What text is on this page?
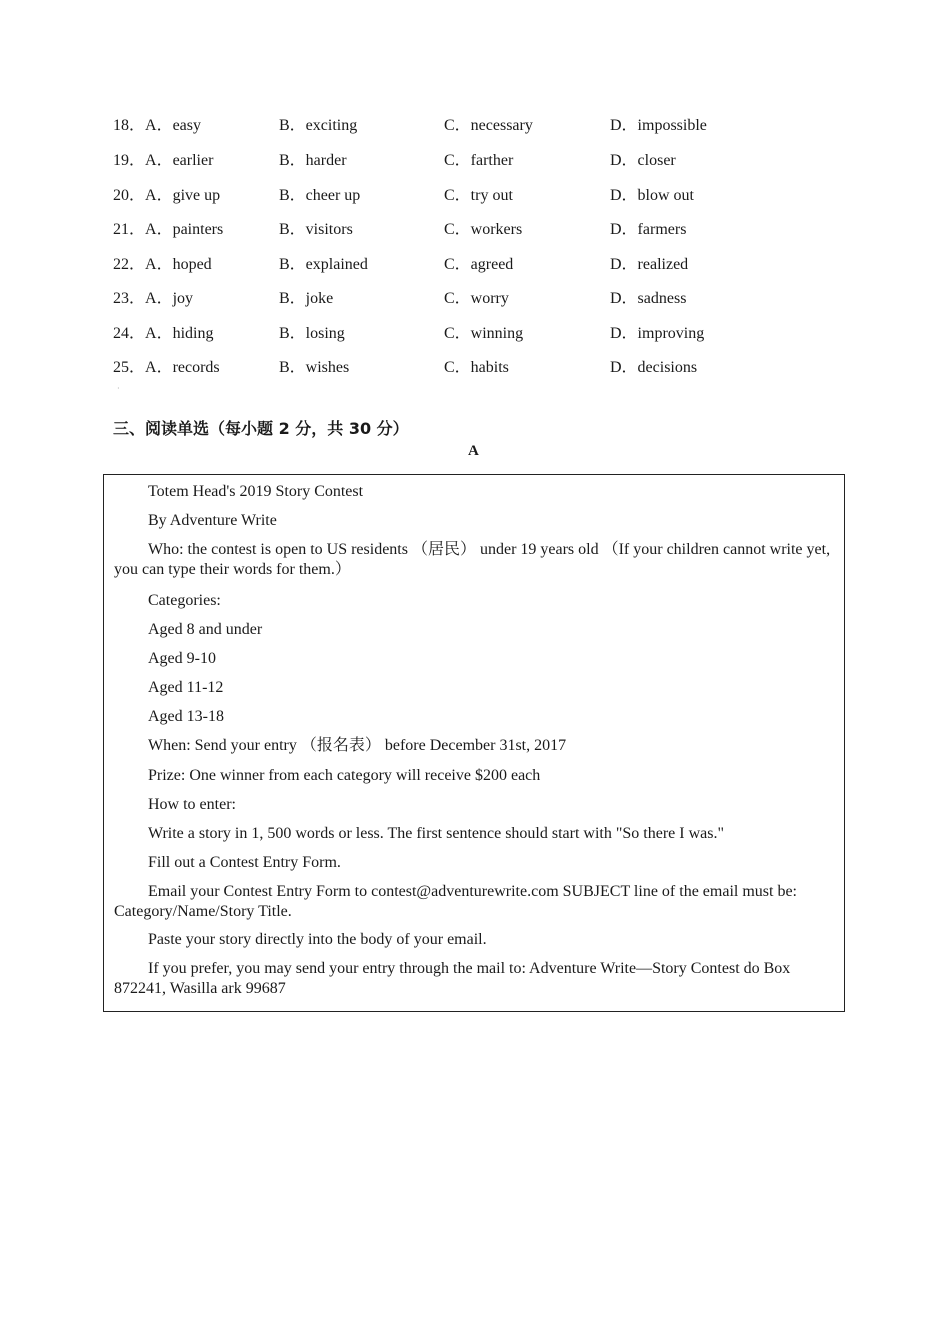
18．A．easy	B．exciting	C．necessary	D．impossible
19．A．earlier	B．harder	C．farther	D．closer
20．A．give up	B．cheer up	C．try out	D．blow out
21．A．painters	B．visitors	C．workers	D．farmers
22．A．hoped	B．explained	C．agreed	D．realized
23．A．joy	B．joke	C．worry	D．sadness
24．A．hiding	B．losing	C．winning	D．improving
25．A．records	B．wishes	C．habits	D．decisions
·
三、阅读单选（每小题 2 分，共 30 分）
A
Totem Head's 2019 Story Contest
By Adventure Write
Who: the contest is open to US residents （居民） under 19 years old （If your children cannot write yet, you can type their words for them.）
Categories:
Aged 8 and under
Aged 9-10
Aged 11-12
Aged 13-18
When: Send your entry （报名表） before December 31st, 2017
Prize: One winner from each category will receive $200 each
How to enter:
Write a story in 1, 500 words or less. The first sentence should start with "So there I was."
Fill out a Contest Entry Form.
Email your Contest Entry Form to contest@adventurewrite.com SUBJECT line of the email must be: Category/Name/Story Title.
Paste your story directly into the body of your email.
If you prefer, you may send your entry through the mail to: Adventure Write—Story Contest do Box 872241, Wasilla ark 99687
